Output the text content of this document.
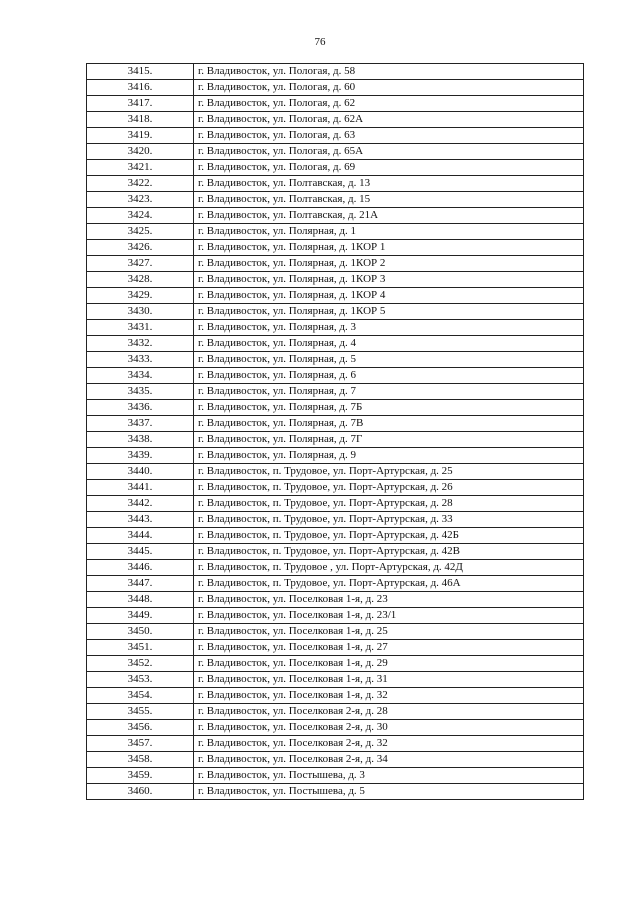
76
3415.	г. Владивосток, ул. Пологая, д. 58
3416.	г. Владивосток, ул. Пологая, д. 60
3417.	г. Владивосток, ул. Пологая, д. 62
3418.	г. Владивосток, ул. Пологая, д. 62А
3419.	г. Владивосток, ул. Пологая, д. 63
3420.	г. Владивосток, ул. Пологая, д. 65А
3421.	г. Владивосток, ул. Пологая, д. 69
3422.	г. Владивосток, ул. Полтавская, д. 13
3423.	г. Владивосток, ул. Полтавская, д. 15
3424.	г. Владивосток, ул. Полтавская, д. 21А
3425.	г. Владивосток, ул. Полярная, д. 1
3426.	г. Владивосток, ул. Полярная, д. 1КОР 1
3427.	г. Владивосток, ул. Полярная, д. 1КОР 2
3428.	г. Владивосток, ул. Полярная, д. 1КОР 3
3429.	г. Владивосток, ул. Полярная, д. 1КОР 4
3430.	г. Владивосток, ул. Полярная, д. 1КОР 5
3431.	г. Владивосток, ул. Полярная, д. 3
3432.	г. Владивосток, ул. Полярная, д. 4
3433.	г. Владивосток, ул. Полярная, д. 5
3434.	г. Владивосток, ул. Полярная, д. 6
3435.	г. Владивосток, ул. Полярная, д. 7
3436.	г. Владивосток, ул. Полярная, д. 7Б
3437.	г. Владивосток, ул. Полярная, д. 7В
3438.	г. Владивосток, ул. Полярная, д. 7Г
3439.	г. Владивосток, ул. Полярная, д. 9
3440.	г. Владивосток, п. Трудовое, ул. Порт-Артурская, д. 25
3441.	г. Владивосток, п. Трудовое, ул. Порт-Артурская, д. 26
3442.	г. Владивосток, п. Трудовое, ул. Порт-Артурская, д. 28
3443.	г. Владивосток, п. Трудовое, ул. Порт-Артурская, д. 33
3444.	г. Владивосток, п. Трудовое, ул. Порт-Артурская, д. 42Б
3445.	г. Владивосток, п. Трудовое, ул. Порт-Артурская, д. 42В
3446.	г. Владивосток, п. Трудовое , ул. Порт-Артурская, д. 42Д
3447.	г. Владивосток, п. Трудовое, ул. Порт-Артурская, д. 46А
3448.	г. Владивосток, ул. Поселковая 1-я, д. 23
3449.	г. Владивосток, ул. Поселковая 1-я, д. 23/1
3450.	г. Владивосток, ул. Поселковая 1-я, д. 25
3451.	г. Владивосток, ул. Поселковая 1-я, д. 27
3452.	г. Владивосток, ул. Поселковая 1-я, д. 29
3453.	г. Владивосток, ул. Поселковая 1-я, д. 31
3454.	г. Владивосток, ул. Поселковая 1-я, д. 32
3455.	г. Владивосток, ул. Поселковая 2-я, д. 28
3456.	г. Владивосток, ул. Поселковая 2-я, д. 30
3457.	г. Владивосток, ул. Поселковая 2-я, д. 32
3458.	г. Владивосток, ул. Поселковая 2-я, д. 34
3459.	г. Владивосток, ул. Постышева, д. 3
3460.	г. Владивосток, ул. Постышева, д. 5
